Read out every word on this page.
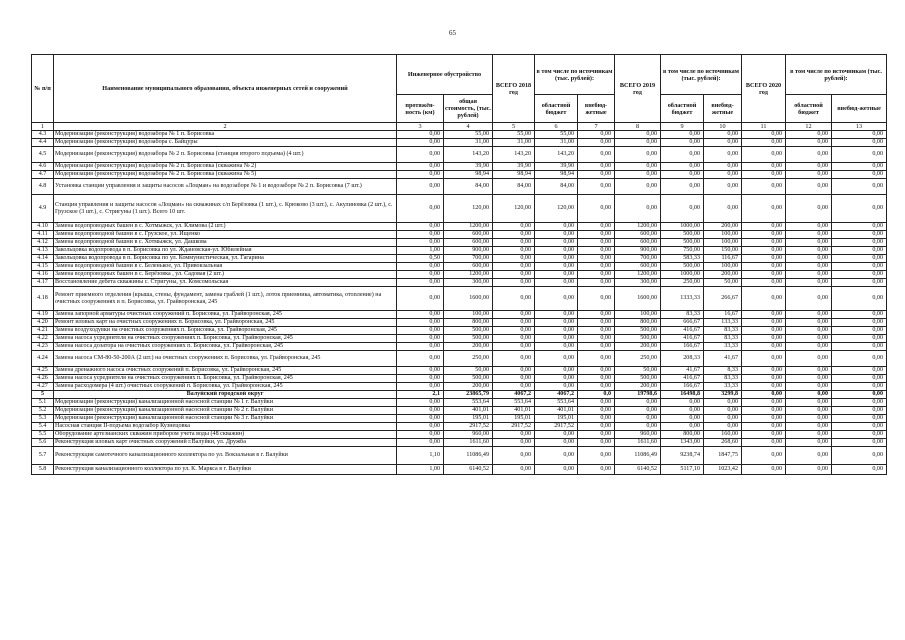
65
№ п/п	Наименование муниципального образования, объекта инженерных сетей и сооружений	Инженерное обустройство		ВСЕГО 2018 год	в том числе по источникам (тыс. рублей):		ВСЕГО 2019 год	в том числе по источникам (тыс. рублей):		ВСЕГО 2020 год	в том числе по источникам (тыс. рублей):	
		протяжён-ность (км)	общая стоимость, (тыс. рублей)		областной бюджет	внебюд-жетные		областной бюджет	внебюд-жетные		областной бюджет	внебюд-жетные
1	2	3	4	5	6	7	8	9	10	11	12	13
4.3	Модернизация (реконструкция) водозабора № 1 п. Борисовка	0,00	55,00	55,00	55,00	0,00	0,00	0,00	0,00	0,00	0,00	0,00
4.4	Модернизация (реконструкция) водозабора с. Байцуры	0,00	31,00	31,00	31,00	0,00	0,00	0,00	0,00	0,00	0,00	0,00
4.5	Модернизация (реконструкция) водозабора № 2 п. Борисовка (станция второго подъема) (4 шт.)	0,00	143,20	143,20	143,20	0,00	0,00	0,00	0,00	0,00	0,00	0,00
4.6	Модернизация (реконструкция) водозабора № 2 п. Борисовка (скважина № 2)	0,00	39,90	39,90	39,90	0,00	0,00	0,00	0,00	0,00	0,00	0,00
4.7	Модернизация (реконструкция) водозабора № 2 п. Борисовка (скважина № 5)	0,00	98,94	98,94	98,94	0,00	0,00	0,00	0,00	0,00	0,00	0,00
4.8	Установка станции управления и защиты насосов «Лоцман» на водозаборе № 1 и водозаборе № 2 п. Борисовка (7 шт.)	0,00	84,00	84,00	84,00	0,00	0,00	0,00	0,00	0,00	0,00	0,00
4.9	Станция управления и защиты насосов «Лоцман» на скважинах с/п Берёзовка (1 шт.), с. Крюково (3 шт.), с. Акулиновка (2 шт.), с. Грузское (3 шт.), с. Стригуны (1 шт.). Всего 10 шт.	0,00	120,00	120,00	120,00	0,00	0,00	0,00	0,00	0,00	0,00	0,00
4.10	Замена водопроводных башен в с. Хотмыжск, ул. Климова (2 шт.)	0,00	1200,00	0,00	0,00	0,00	1200,00	1000,00	200,00	0,00	0,00	0,00
4.11	Замена водопроводной башни в с. Грузское, ул. Ищенко	0,00	600,00	0,00	0,00	0,00	600,00	500,00	100,00	0,00	0,00	0,00
4.12	Замена водопроводной башни в с. Хотмыжск, ул. Дашкова	0,00	600,00	0,00	0,00	0,00	600,00	500,00	100,00	0,00	0,00	0,00
4.13	Закольцовка водопровода в п. Борисовка по ул. Ждановская-ул. Юбилейная	1,00	900,00	0,00	0,00	0,00	900,00	750,00	150,00	0,00	0,00	0,00
4.14	Закольцовка водопровода в п. Борисовка по ул. Коммунистическая, ул. Гагарина	0,50	700,00	0,00	0,00	0,00	700,00	583,33	116,67	0,00	0,00	0,00
4.15	Замена водопроводной башни в с. Беленькое, ул. Привокзальная	0,00	600,00	0,00	0,00	0,00	600,00	500,00	100,00	0,00	0,00	0,00
4.16	Замена водопроводных башен в с. Берёзовка , ул. Садовая (2 шт.)	0,00	1200,00	0,00	0,00	0,00	1200,00	1000,00	200,00	0,00	0,00	0,00
4.17	Восстановление дебета скважины с. Стригуны, ул. Комсомольская	0,00	300,00	0,00	0,00	0,00	300,00	250,00	50,00	0,00	0,00	0,00
4.18	Ремонт приемного отделения (крыша, стены, фундамент, замена граблей (1 шт.), лоток приемника, автоматика, отопление) на очистных сооружениях в п. Борисовка, ул. Грайворонская, 245	0,00	1600,00	0,00	0,00	0,00	1600,00	1333,33	266,67	0,00	0,00	0,00
4.19	Замена запорной арматуры очистных сооружений п. Борисовка, ул. Грайворонская, 245	0,00	100,00	0,00	0,00	0,00	100,00	83,33	16,67	0,00	0,00	0,00
4.20	Ремонт иловых карт на очистных сооружениях п. Борисовка, ул. Грайворонская, 245	0,00	800,00	0,00	0,00	0,00	800,00	666,67	133,33	0,00	0,00	0,00
4.21	Замена воздуходувки на очистных сооружениях п. Борисовка, ул. Грайворонская, 245	0,00	500,00	0,00	0,00	0,00	500,00	416,67	83,33	0,00	0,00	0,00
4.22	Замена насоса усреднителя на очистных сооружениях п. Борисовка, ул. Грайворонская, 245	0,00	500,00	0,00	0,00	0,00	500,00	416,67	83,33	0,00	0,00	0,00
4.23	Замена насоса дозатора на очистных сооружениях п. Борисовка, ул. Грайворонская, 245	0,00	200,00	0,00	0,00	0,00	200,00	166,67	33,33	0,00	0,00	0,00
4.24	Замена насоса СМ-80-50-200А (2 шт.) на очистных сооружениях п. Борисовка, ул. Грайворонская, 245	0,00	250,00	0,00	0,00	0,00	250,00	208,33	41,67	0,00	0,00	0,00
4.25	Замена дренажного насоса очистных сооружений п. Борисовка, ул. Грайворонская, 245	0,00	50,00	0,00	0,00	0,00	50,00	41,67	8,33	0,00	0,00	0,00
4.26	Замена насоса усреднителя на очистных сооружениях п. Борисовка, ул. Грайворонская, 245	0,00	500,00	0,00	0,00	0,00	500,00	416,67	83,33	0,00	0,00	0,00
4.27	Замена расходомера (4 шт.) очистных сооружений п. Борисовка, ул. Грайворонская, 245	0,00	200,00	0,00	0,00	0,00	200,00	166,67	33,33	0,00	0,00	0,00
5	Валуйский городской округ	2,1	23865,79	4067,2	4067,2	0,0	19798,6	16498,8	3299,8	0,00	0,00	0,00
5.1	Модернизация (реконструкция) канализационной насосной станции № 1 г. Валуйки	0,00	553,64	553,64	553,64	0,00	0,00	0,00	0,00	0,00	0,00	0,00
5.2	Модернизация (реконструкция) канализационной насосной станции № 2 г. Валуйки	0,00	401,01	401,01	401,01	0,00	0,00	0,00	0,00	0,00	0,00	0,00
5.3	Модернизация (реконструкция) канализационной насосной станции № 3 г. Валуйки	0,00	195,01	195,01	195,01	0,00	0,00	0,00	0,00	0,00	0,00	0,00
5.4	Насосная станция II-подъема водозабор Кузнецовка	0,00	2917,52	2917,52	2917,52	0,00	0,00	0,00	0,00	0,00	0,00	0,00
5.5	Оборудование артезианских скважин прибором учета воды (48 скважин)	0,00	960,00	0,00	0,00	0,00	960,00	800,00	160,00	0,00	0,00	0,00
5.6	Реконструкция иловых карт очистных сооружений г.Валуйки, ул. Дружба	0,00	1611,60	0,00	0,00	0,00	1611,60	1343,00	268,60	0,00	0,00	0,00
5.7	Реконструкция самотечного канализационного коллектора по ул. Вокзальная в г. Валуйки	1,10	11086,49	0,00	0,00	0,00	11086,49	9238,74	1847,75	0,00	0,00	0,00
5.8	Реконструкция канализационного коллектора по ул. К. Маркса в г. Валуйки	1,00	6140,52	0,00	0,00	0,00	6140,52	5117,10	1023,42	0,00	0,00	0,00
